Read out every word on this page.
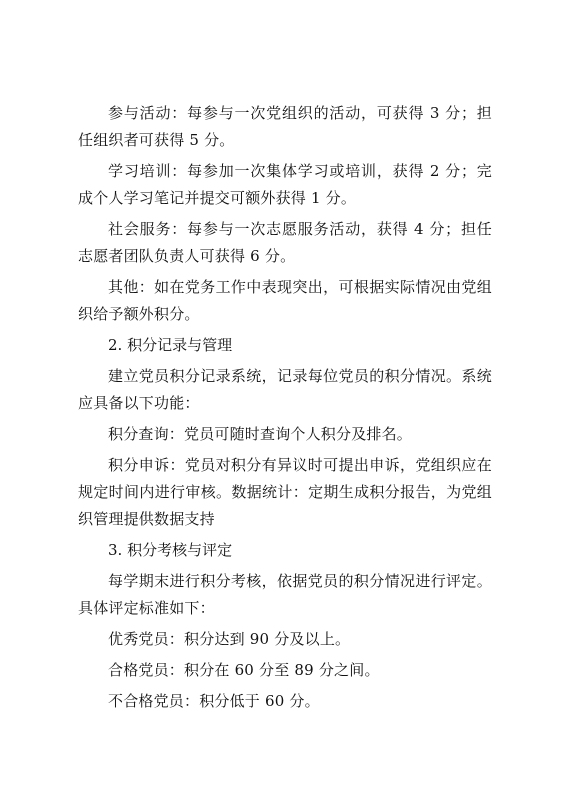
参与活动：每参与一次党组织的活动，可获得 3 分；担任组织者可获得 5 分。

学习培训：每参加一次集体学习或培训，获得 2 分；完成个人学习笔记并提交可额外获得 1 分。

社会服务：每参与一次志愿服务活动，获得 4 分；担任志愿者团队负责人可获得 6 分。

其他：如在党务工作中表现突出，可根据实际情况由党组织给予额外积分。

2. 积分记录与管理

建立党员积分记录系统，记录每位党员的积分情况。系统应具备以下功能：

积分查询：党员可随时查询个人积分及排名。

积分申诉：党员对积分有异议时可提出申诉，党组织应在规定时间内进行审核。数据统计：定期生成积分报告，为党组织管理提供数据支持

3. 积分考核与评定

每学期末进行积分考核，依据党员的积分情况进行评定。具体评定标准如下：

优秀党员：积分达到 90 分及以上。

合格党员：积分在 60 分至 89 分之间。

不合格党员：积分低于 60 分。
